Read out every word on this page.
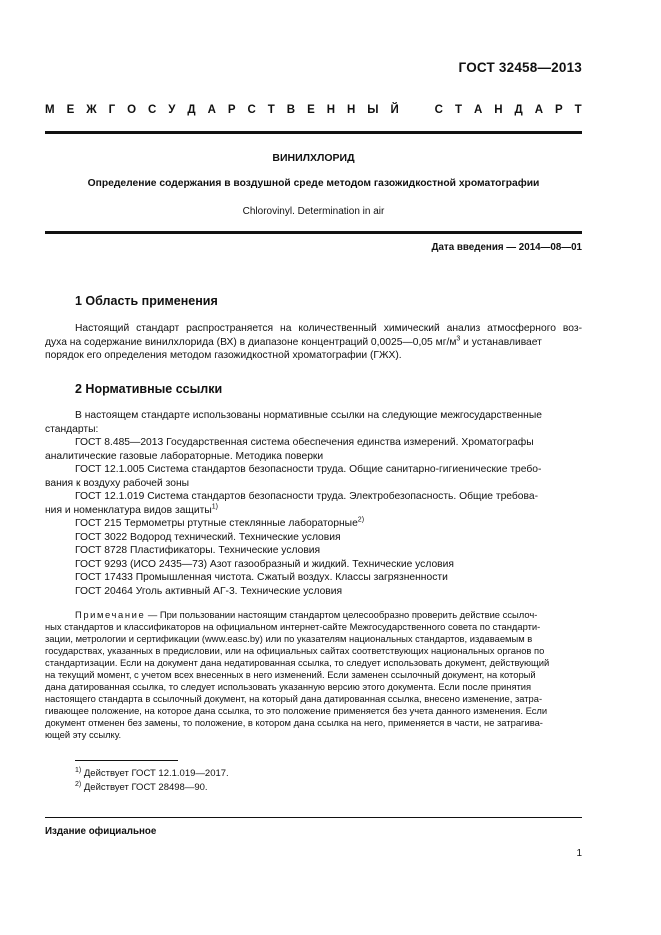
ГОСТ 32458—2013
М Е Ж Г О С У Д А Р С Т В Е Н Н Ы Й	С Т А Н Д А Р Т
ВИНИЛХЛОРИД
Определение содержания в воздушной среде методом газожидкостной хроматографии
Chlorovinyl. Determination in air
Дата введения — 2014—08—01
1 Область применения
Настоящий стандарт распространяется на количественный химический анализ атмосферного воз-
духа на содержание винилхлорида (ВХ) в диапазоне концентраций 0,0025—0,05 $мг/м^3$ и устанавливает
порядок его определения методом газожидкостной хроматографии (ГЖХ).
2 Нормативные ссылки
В настоящем стандарте использованы нормативные ссылки на следующие межгосударственные
стандарты:
ГОСТ 8.485—2013 Государственная система обеспечения единства измерений. Хроматографы
аналитические газовые лабораторные. Методика поверки
ГОСТ 12.1.005 Система стандартов безопасности труда. Общие санитарно-гигиенические требо-
вания к воздуху рабочей зоны
ГОСТ 12.1.019 Система стандартов безопасности труда. Электробезопасность. Общие требова-
ния и номенклатура видов защиты$^{1)}$
ГОСТ 215 Термометры ртутные стеклянные лабораторные$^{2)}$
ГОСТ 3022 Водород технический. Технические условия
ГОСТ 8728 Пластификаторы. Технические условия
ГОСТ 9293 (ИСО 2435—73) Азот газообразный и жидкий. Технические условия
ГОСТ 17433 Промышленная чистота. Сжатый воздух. Классы загрязненности
ГОСТ 20464 Уголь активный АГ-3. Технические условия
Примечание — При пользовании настоящим стандартом целесообразно проверить действие ссылоч-
ных стандартов и классификаторов на официальном интернет-сайте Межгосударственного совета по стандарти-
зации, метрологии и сертификации (www.easc.by) или по указателям национальных стандартов, издаваемым в
государствах, указанных в предисловии, или на официальных сайтах соответствующих национальных органов по
стандартизации. Если на документ дана недатированная ссылка, то следует использовать документ, действующий
на текущий момент, с учетом всех внесенных в него изменений. Если заменен ссылочный документ, на который
дана датированная ссылка, то следует использовать указанную версию этого документа. Если после принятия
настоящего стандарта в ссылочный документ, на который дана датированная ссылка, внесено изменение, затра-
гивающее положение, на которое дана ссылка, то это положение применяется без учета данного изменения. Если
документ отменен без замены, то положение, в котором дана ссылка на него, применяется в части, не затрагива-
ющей эту ссылку.
$^{1)}$ Действует ГОСТ 12.1.019—2017.
$^{2)}$ Действует ГОСТ 28498—90.
Издание официальное
1
